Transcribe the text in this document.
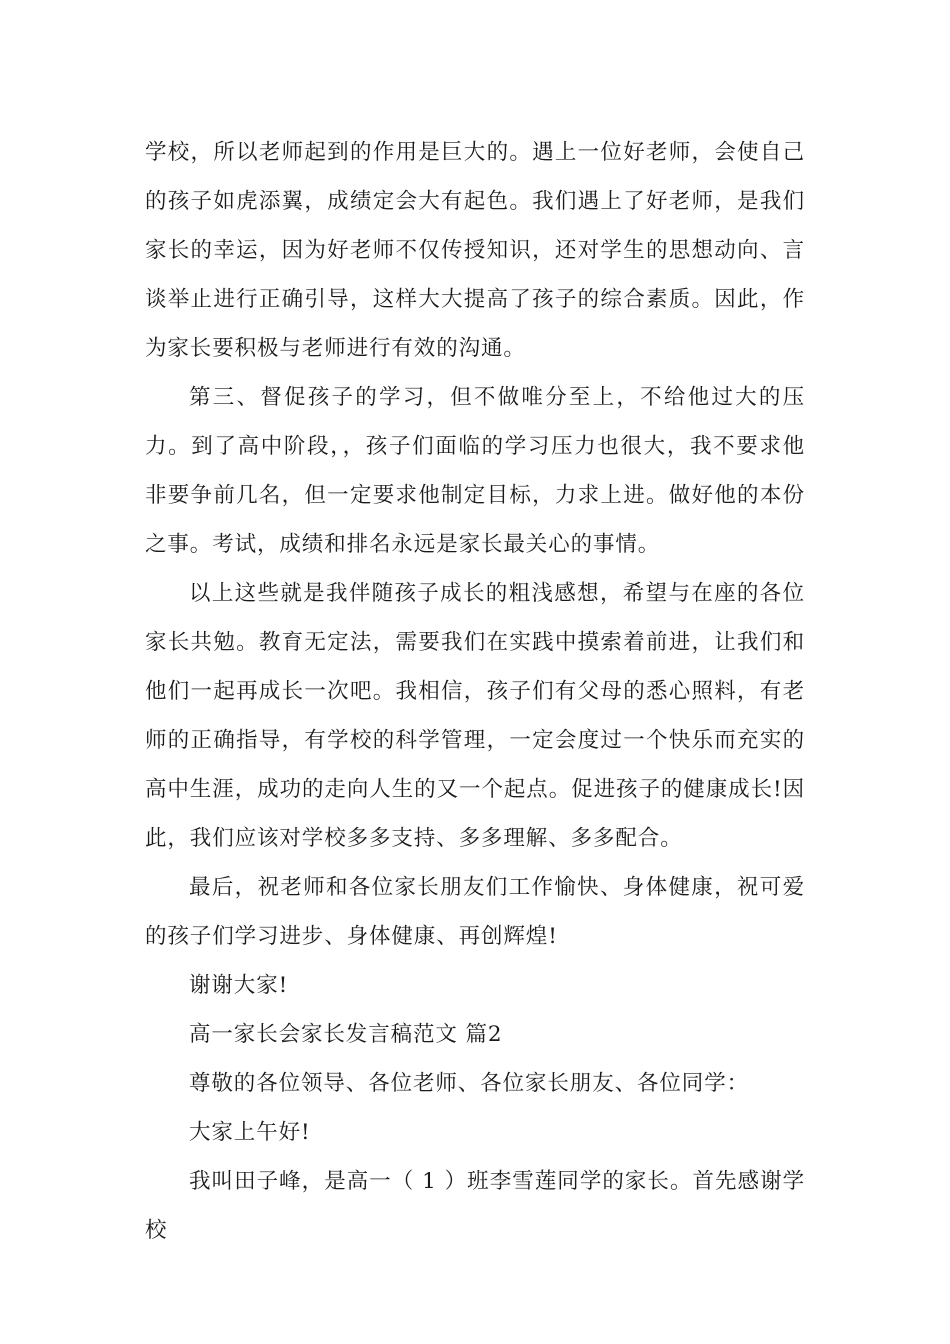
学校，所以老师起到的作用是巨大的。遇上一位好老师，会使自己的孩子如虎添翼，成绩定会大有起色。我们遇上了好老师，是我们家长的幸运，因为好老师不仅传授知识，还对学生的思想动向、言谈举止进行正确引导，这样大大提高了孩子的综合素质。因此，作为家长要积极与老师进行有效的沟通。

第三、督促孩子的学习，但不做唯分至上，不给他过大的压力。到了高中阶段，，孩子们面临的学习压力也很大，我不要求他非要争前几名，但一定要求他制定目标，力求上进。做好他的本份之事。考试，成绩和排名永远是家长最关心的事情。

以上这些就是我伴随孩子成长的粗浅感想，希望与在座的各位家长共勉。教育无定法，需要我们在实践中摸索着前进，让我们和他们一起再成长一次吧。我相信，孩子们有父母的悉心照料，有老师的正确指导，有学校的科学管理，一定会度过一个快乐而充实的高中生涯，成功的走向人生的又一个起点。促进孩子的健康成长!因此，我们应该对学校多多支持、多多理解、多多配合。

最后，祝老师和各位家长朋友们工作愉快、身体健康，祝可爱的孩子们学习进步、身体健康、再创辉煌!

谢谢大家!

高一家长会家长发言稿范文 篇2

尊敬的各位领导、各位老师、各位家长朋友、各位同学：

大家上午好!

我叫田子峰，是高一（ 1 ）班李雪莲同学的家长。首先感谢学校
